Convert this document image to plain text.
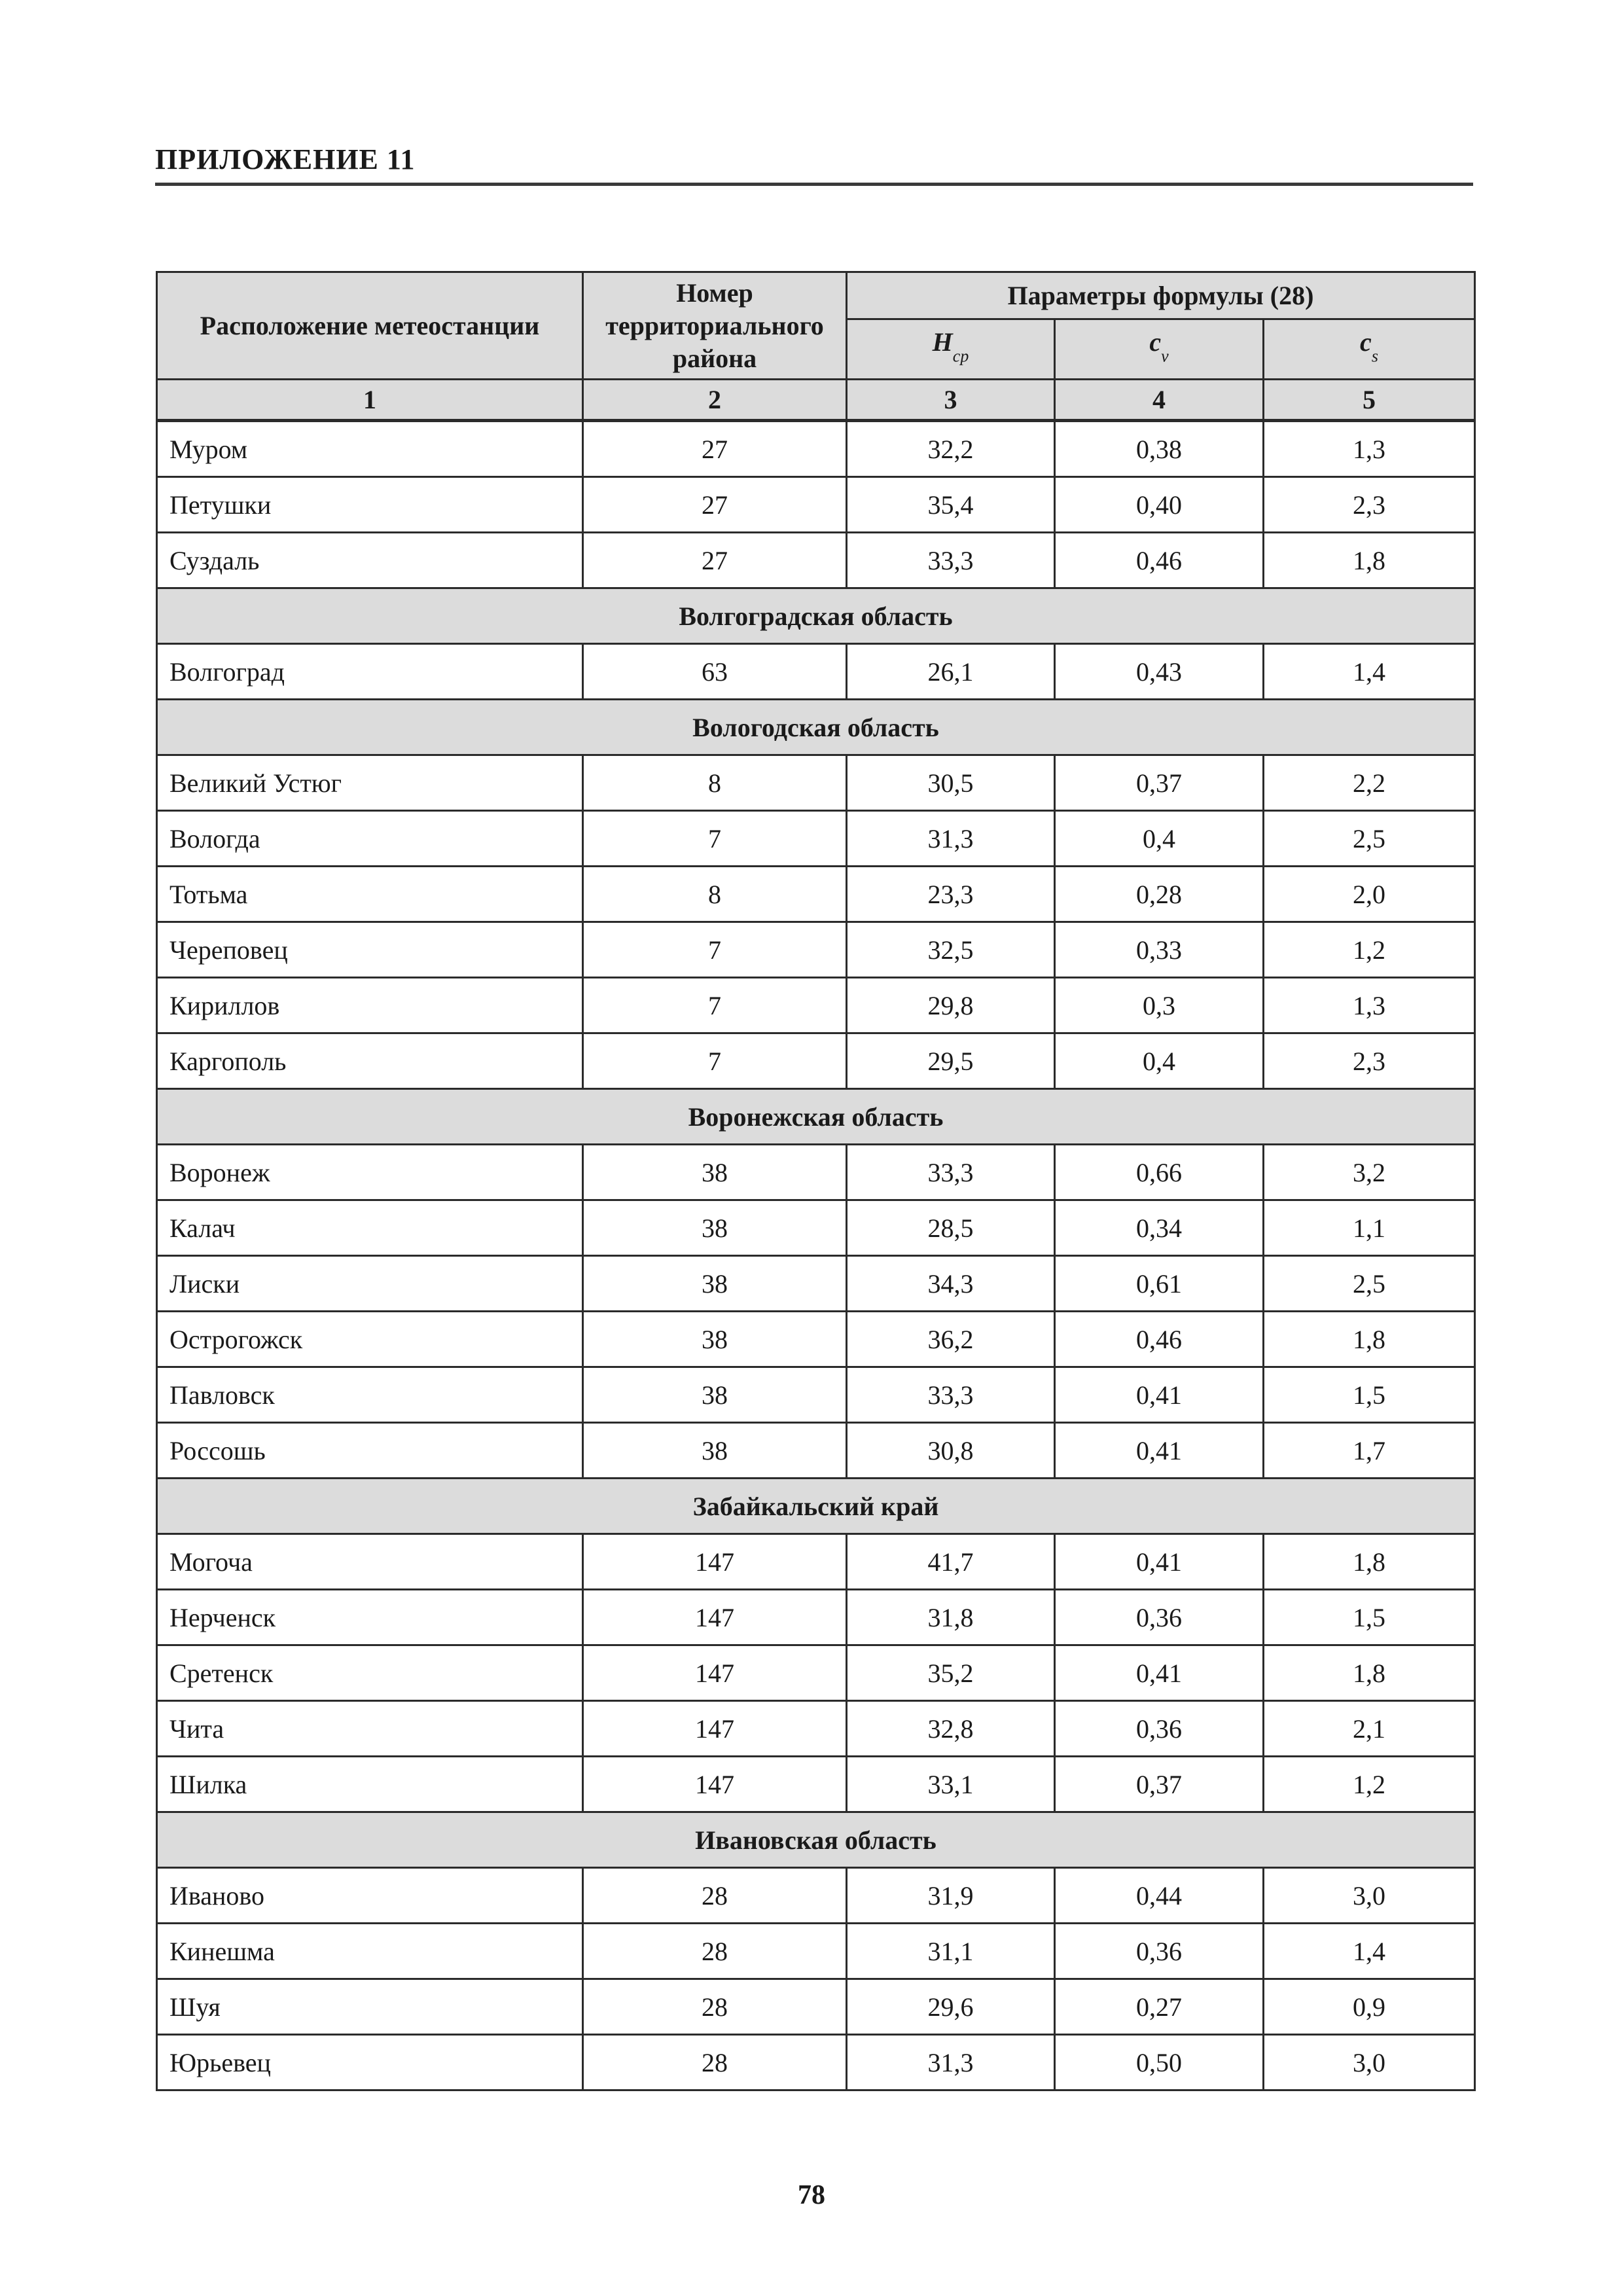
ПРИЛОЖЕНИЕ 11
Расположение метеостанции	Номер территориального района	Параметры формулы (28)		
		$H_{_{ср}}$	$c_{_v}$	$c_{_s}$
1	2	3	4	5
Муром	27	32,2	0,38	1,3
Петушки	27	35,4	0,40	2,3
Суздаль	27	33,3	0,46	1,8
Волгоградская область				
Волгоград	63	26,1	0,43	1,4
Вологодская область				
Великий Устюг	8	30,5	0,37	2,2
Вологда	7	31,3	0,4	2,5
Тотьма	8	23,3	0,28	2,0
Череповец	7	32,5	0,33	1,2
Кириллов	7	29,8	0,3	1,3
Каргополь	7	29,5	0,4	2,3
Воронежская область				
Воронеж	38	33,3	0,66	3,2
Калач	38	28,5	0,34	1,1
Лиски	38	34,3	0,61	2,5
Острогожск	38	36,2	0,46	1,8
Павловск	38	33,3	0,41	1,5
Россошь	38	30,8	0,41	1,7
Забайкальский край				
Могоча	147	41,7	0,41	1,8
Нерченск	147	31,8	0,36	1,5
Сретенск	147	35,2	0,41	1,8
Чита	147	32,8	0,36	2,1
Шилка	147	33,1	0,37	1,2
Ивановская область				
Иваново	28	31,9	0,44	3,0
Кинешма	28	31,1	0,36	1,4
Шуя	28	29,6	0,27	0,9
Юрьевец	28	31,3	0,50	3,0
78
